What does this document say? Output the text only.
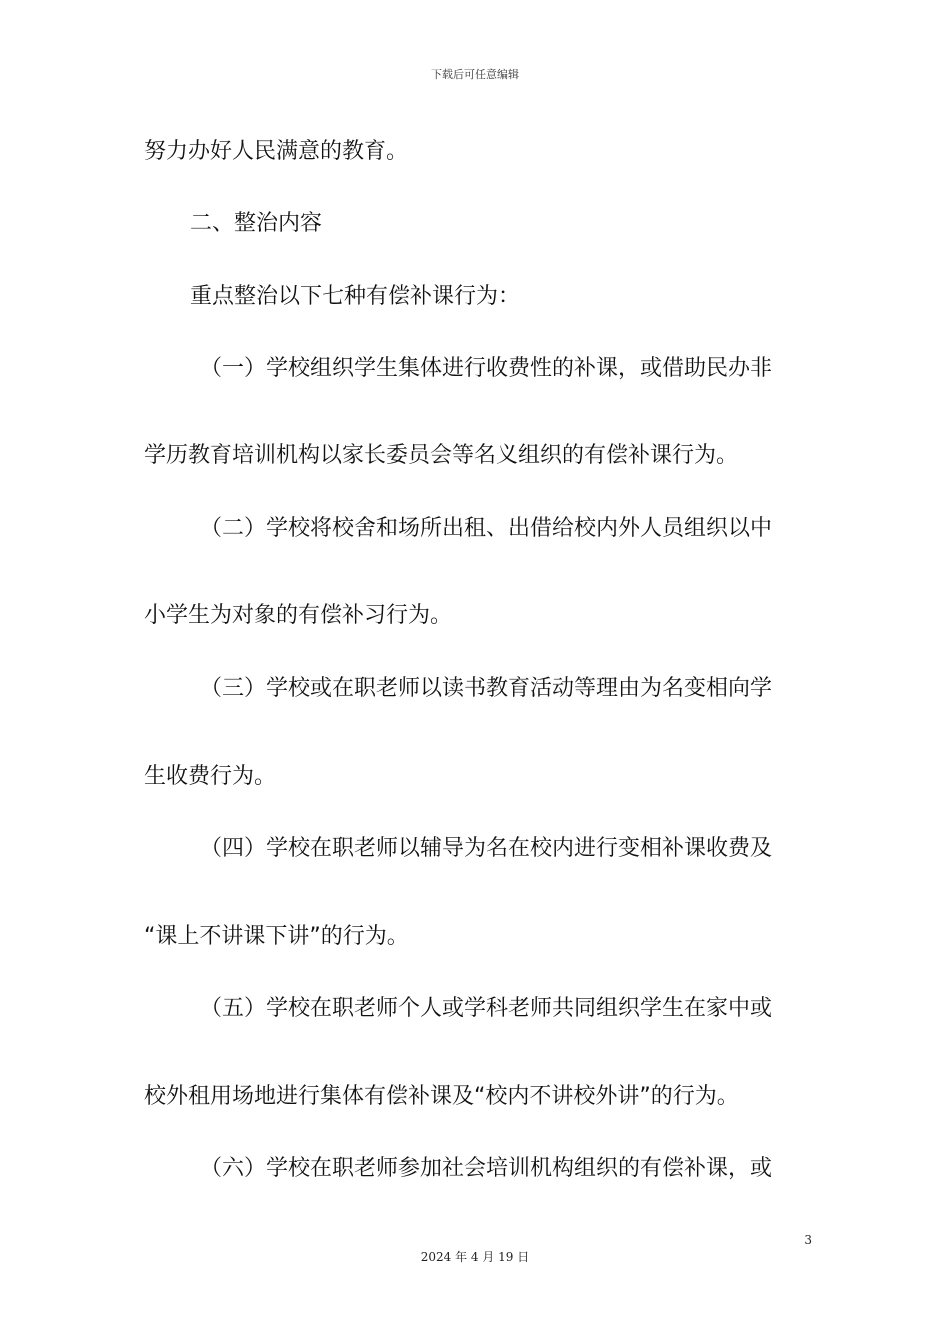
下载后可任意编辑
努力办好人民满意的教育。
二、整治内容
重点整治以下七种有偿补课行为：
（一）学校组织学生集体进行收费性的补课，或借助民办非
学历教育培训机构以家长委员会等名义组织的有偿补课行为。
（二）学校将校舍和场所出租、出借给校内外人员组织以中
小学生为对象的有偿补习行为。
（三）学校或在职老师以读书教育活动等理由为名变相向学
生收费行为。
（四）学校在职老师以辅导为名在校内进行变相补课收费及
“课上不讲课下讲”的行为。
（五）学校在职老师个人或学科老师共同组织学生在家中或
校外租用场地进行集体有偿补课及“校内不讲校外讲”的行为。
（六）学校在职老师参加社会培训机构组织的有偿补课，或
3
2024 年 4 月 19 日
